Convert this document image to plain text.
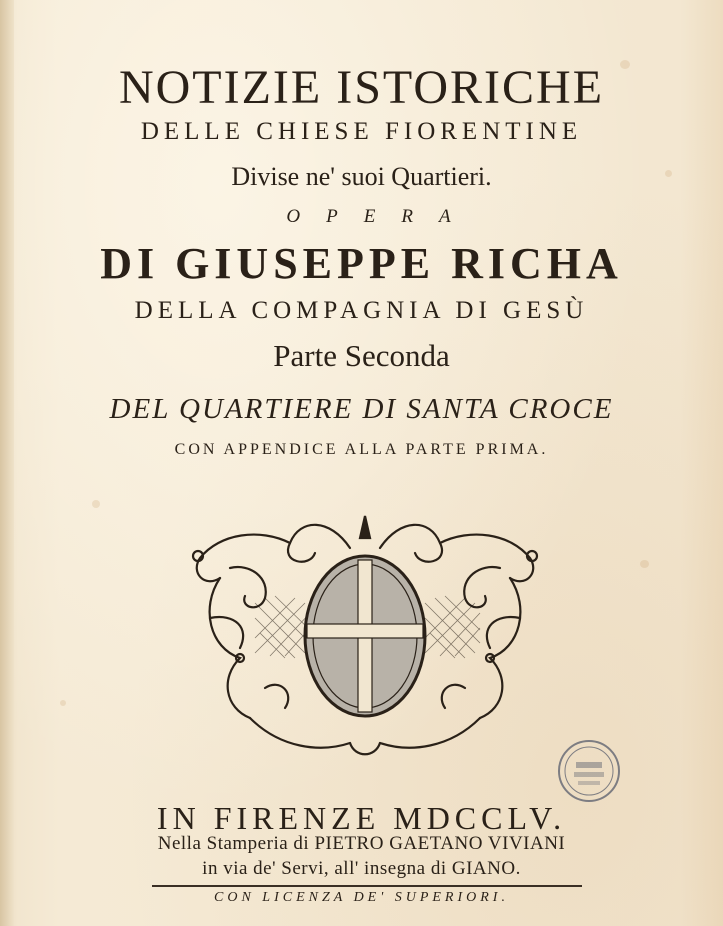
NOTIZIE ISTORICHE
DELLE CHIESE FIORENTINE
Divise ne' suoi Quartieri.
OPERA
DI GIUSEPPE RICHA
DELLA COMPAGNIA DI GESÙ
Parte Seconda
DEL QUARTIERE DI SANTA CROCE
CON APPENDICE ALLA PARTE PRIMA.
IN FIRENZE MDCCLV.
Nella Stamperia di PIETRO GAETANO VIVIANI
in via de' Servi, all' insegna di GIANO.
CON LICENZA DE' SUPERIORI.
